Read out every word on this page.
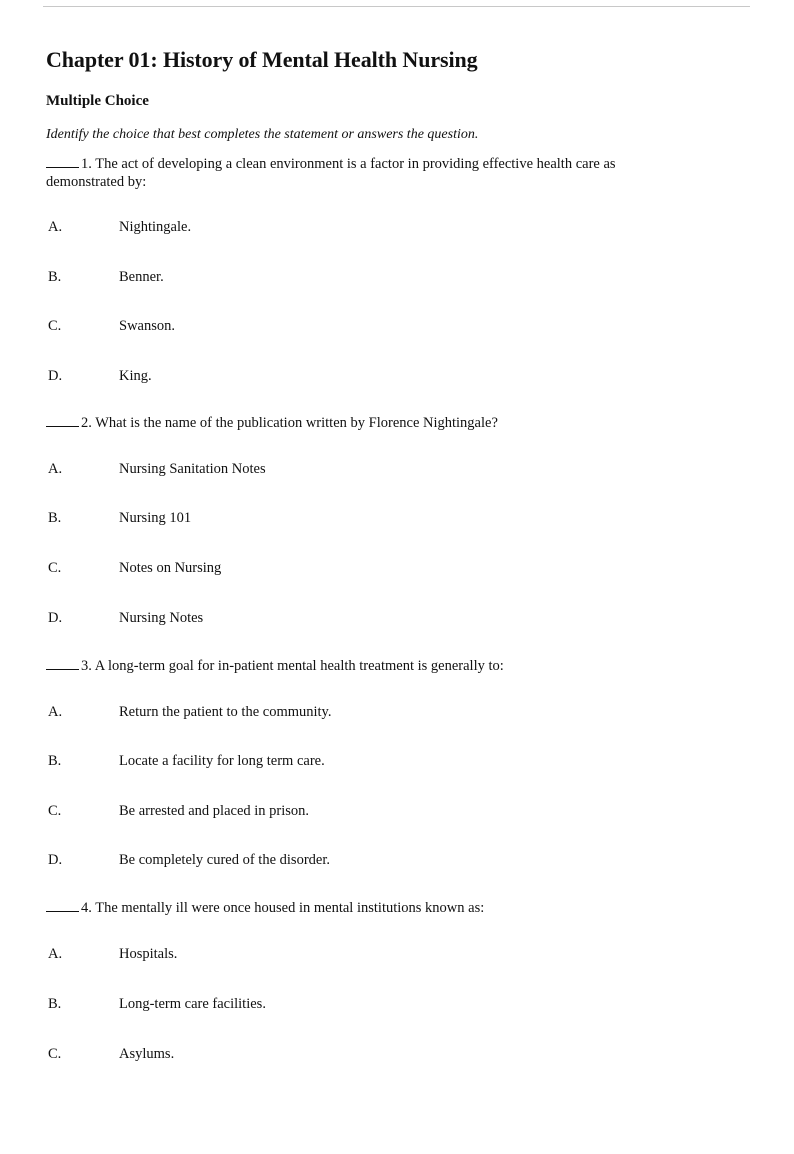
Chapter 01: History of Mental Health Nursing
Multiple Choice
Identify the choice that best completes the statement or answers the question.
1. The act of developing a clean environment is a factor in providing effective health care as demonstrated by:
A.	Nightingale.
B.	Benner.
C.	Swanson.
D.	King.
2. What is the name of the publication written by Florence Nightingale?
A.	Nursing Sanitation Notes
B.	Nursing 101
C.	Notes on Nursing
D.	Nursing Notes
3. A long-term goal for in-patient mental health treatment is generally to:
A.	Return the patient to the community.
B.	Locate a facility for long term care.
C.	Be arrested and placed in prison.
D.	Be completely cured of the disorder.
4. The mentally ill were once housed in mental institutions known as:
A.	Hospitals.
B.	Long-term care facilities.
C.	Asylums.
